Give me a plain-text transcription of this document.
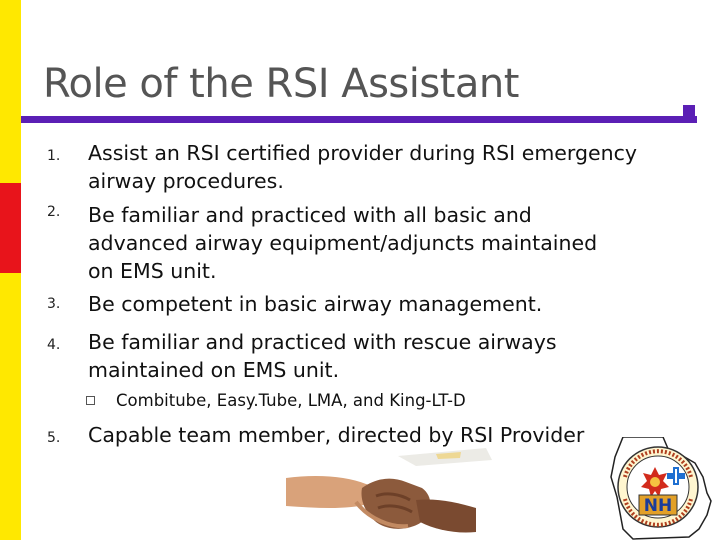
Role of the RSI Assistant
1. Assist an RSI certified provider during RSI emergency airway procedures.
2. Be familiar and practiced with all basic and advanced airway equipment/adjuncts maintained on EMS unit.
3. Be competent in basic airway management.
4. Be familiar and practiced with rescue airways maintained on EMS unit.
Combitube, Easy.Tube, LMA, and King-LT-D
5. Capable team member, directed by RSI Provider
NH
